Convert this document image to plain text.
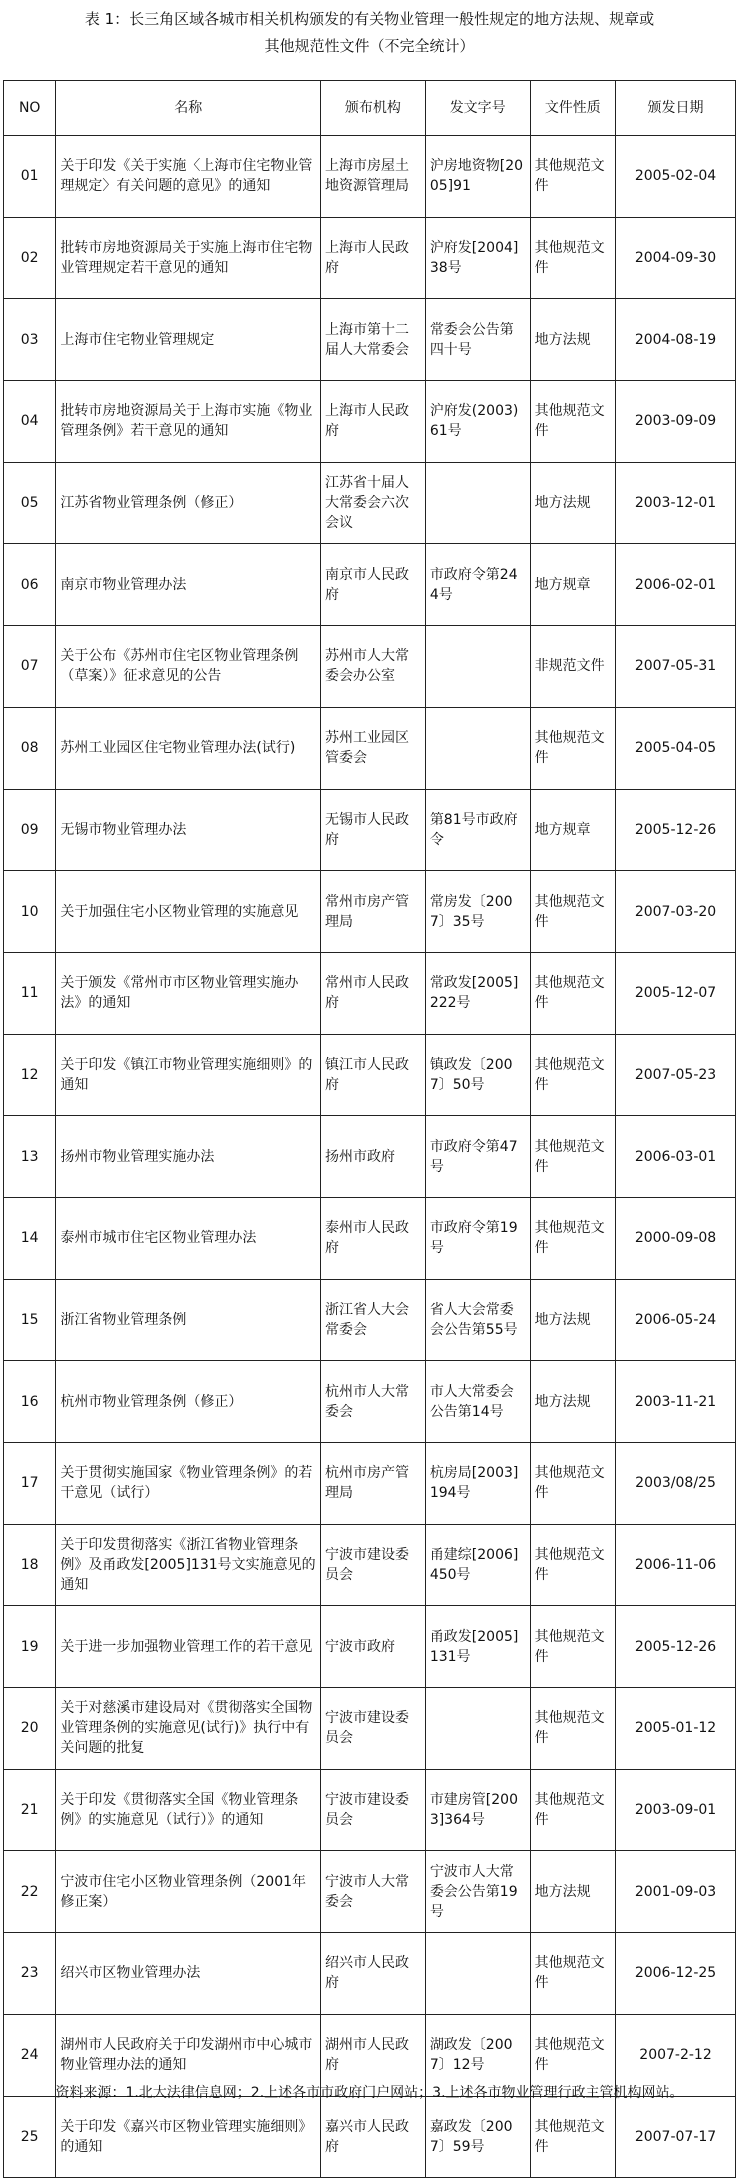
表 1：长三角区域各城市相关机构颁发的有关物业管理一般性规定的地方法规、规章或
其他规范性文件（不完全统计）
NO	名称	颁布机构	发文字号	文件性质	颁发日期
01	关于印发《关于实施〈上海市住宅物业管理规定〉有关问题的意见》的通知	上海市房屋土地资源管理局	沪房地资物[2005]91	其他规范文件	2005-02-04
02	批转市房地资源局关于实施上海市住宅物业管理规定若干意见的通知	上海市人民政府	沪府发[2004]38号	其他规范文件	2004-09-30
03	上海市住宅物业管理规定	上海市第十二届人大常委会	常委会公告第四十号	地方法规	2004-08-19
04	批转市房地资源局关于上海市实施《物业管理条例》若干意见的通知	上海市人民政府	沪府发(2003)61号	其他规范文件	2003-09-09
05	江苏省物业管理条例（修正）	江苏省十届人大常委会六次会议		地方法规	2003-12-01
06	南京市物业管理办法	南京市人民政府	市政府令第244号	地方规章	2006-02-01
07	关于公布《苏州市住宅区物业管理条例（草案）》征求意见的公告	苏州市人大常委会办公室		非规范文件	2007-05-31
08	苏州工业园区住宅物业管理办法(试行)	苏州工业园区管委会		其他规范文件	2005-04-05
09	无锡市物业管理办法	无锡市人民政府	第81号市政府令	地方规章	2005-12-26
10	关于加强住宅小区物业管理的实施意见	常州市房产管理局	常房发〔2007〕35号	其他规范文件	2007-03-20
11	关于颁发《常州市市区物业管理实施办法》的通知	常州市人民政府	常政发[2005]222号	其他规范文件	2005-12-07
12	关于印发《镇江市物业管理实施细则》的通知	镇江市人民政府	镇政发〔2007〕50号	其他规范文件	2007-05-23
13	扬州市物业管理实施办法	扬州市政府	市政府令第47号	其他规范文件	2006-03-01
14	泰州市城市住宅区物业管理办法	泰州市人民政府	市政府令第19号	其他规范文件	2000-09-08
15	浙江省物业管理条例	浙江省人大会常委会	省人大会常委会公告第55号	地方法规	2006-05-24
16	杭州市物业管理条例（修正）	杭州市人大常委会	市人大常委会公告第14号	地方法规	2003-11-21
17	关于贯彻实施国家《物业管理条例》的若干意见（试行）	杭州市房产管理局	杭房局[2003]194号	其他规范文件	2003/08/25
18	关于印发贯彻落实《浙江省物业管理条例》及甬政发[2005]131号文实施意见的通知	宁波市建设委员会	甬建综[2006]450号	其他规范文件	2006-11-06
19	关于进一步加强物业管理工作的若干意见	宁波市政府	甬政发[2005]131号	其他规范文件	2005-12-26
20	关于对慈溪市建设局对《贯彻落实全国物业管理条例的实施意见(试行)》执行中有关问题的批复	宁波市建设委员会		其他规范文件	2005-01-12
21	关于印发《贯彻落实全国《物业管理条例》的实施意见（试行）》的通知	宁波市建设委员会	市建房管[2003]364号	其他规范文件	2003-09-01
22	宁波市住宅小区物业管理条例（2001年修正案）	宁波市人大常委会	宁波市人大常委会公告第19号	地方法规	2001-09-03
23	绍兴市区物业管理办法	绍兴市人民政府		其他规范文件	2006-12-25
24	湖州市人民政府关于印发湖州市中心城市物业管理办法的通知	湖州市人民政府	湖政发〔2007〕12号	其他规范文件	2007-2-12
25	关于印发《嘉兴市区物业管理实施细则》的通知	嘉兴市人民政府	嘉政发〔2007〕59号	其他规范文件	2007-07-17
资料来源：1.北大法律信息网；2.上述各市市政府门户网站；3.上述各市物业管理行政主管机构网站。
